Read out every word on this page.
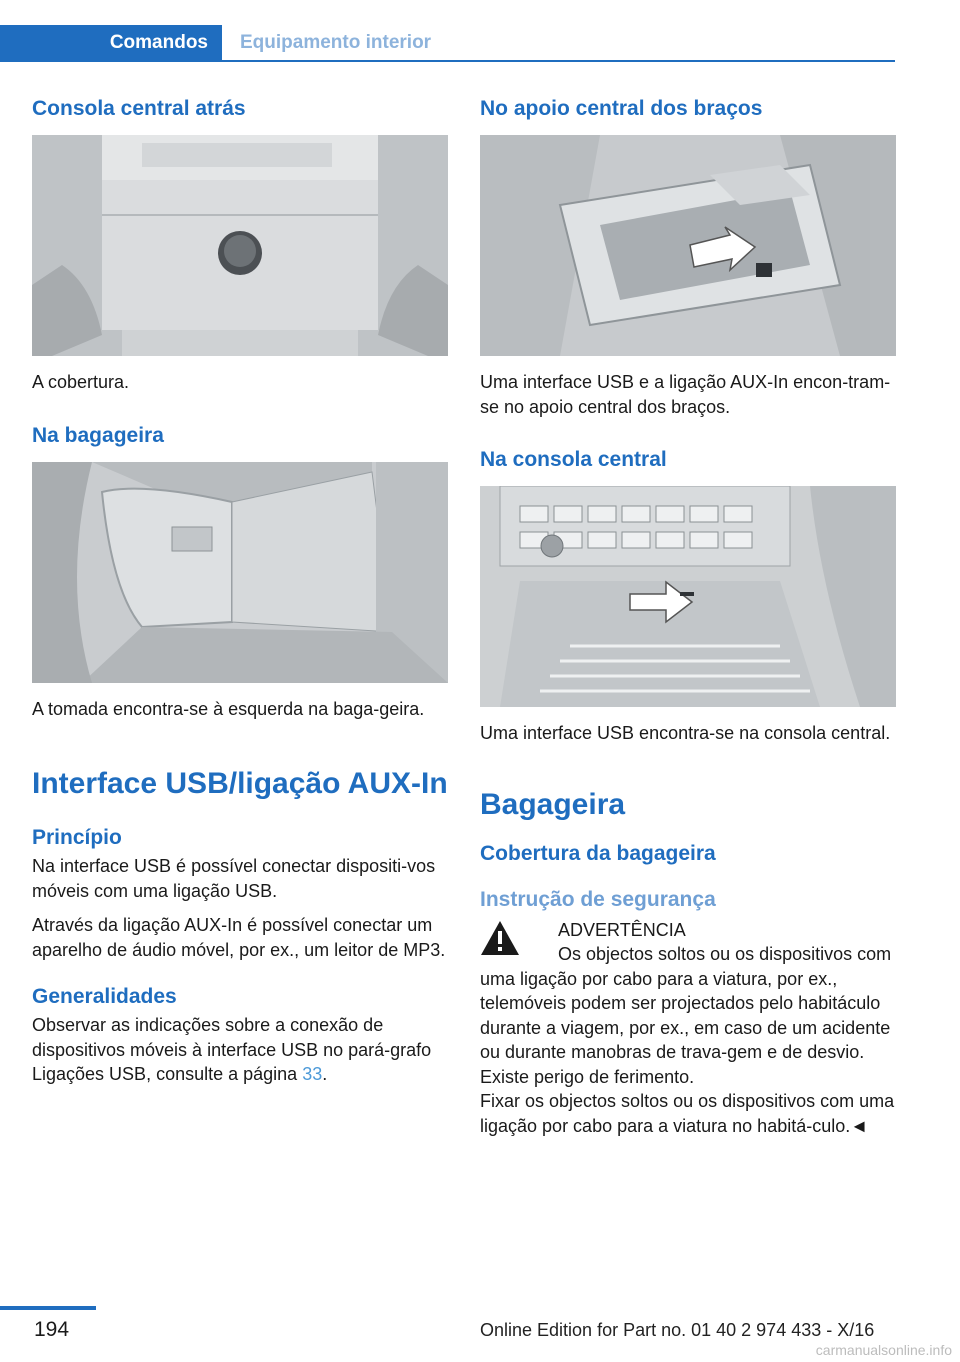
Comandos Equipamento interior
Consola central atrás

A cobertura.

Na bagageira

A tomada encontra-se à esquerda na baga-geira.

Interface USB/ligação AUX-In
Princípio

Na interface USB é possível conectar dispositi-vos móveis com uma ligação USB.

Através da ligação AUX-In é possível conectar um aparelho de áudio móvel, por ex., um leitor de MP3.

Generalidades

Observar as indicações sobre a conexão de dispositivos móveis à interface USB no pará-grafo Ligações USB, consulte a página 33.

No apoio central dos braços

Uma interface USB e a ligação AUX-In encon-tram-se no apoio central dos braços.

Na consola central

Uma interface USB encontra-se na consola central.

Bagageira
Cobertura da bagageira
Instrução de segurança

ADVERTÊNCIA

Os objectos soltos ou os dispositivos com uma ligação por cabo para a viatura, por ex., telemóveis podem ser projectados pelo habitáculo durante a viagem, por ex., em caso de um acidente ou durante manobras de trava-gem e de desvio. Existe perigo de ferimento.

Fixar os objectos soltos ou os dispositivos com uma ligação por cabo para a viatura no habitá-culo.◄

194	Online Edition for Part no. 01 40 2 974 433 - X/16
carmanualsonline.info
